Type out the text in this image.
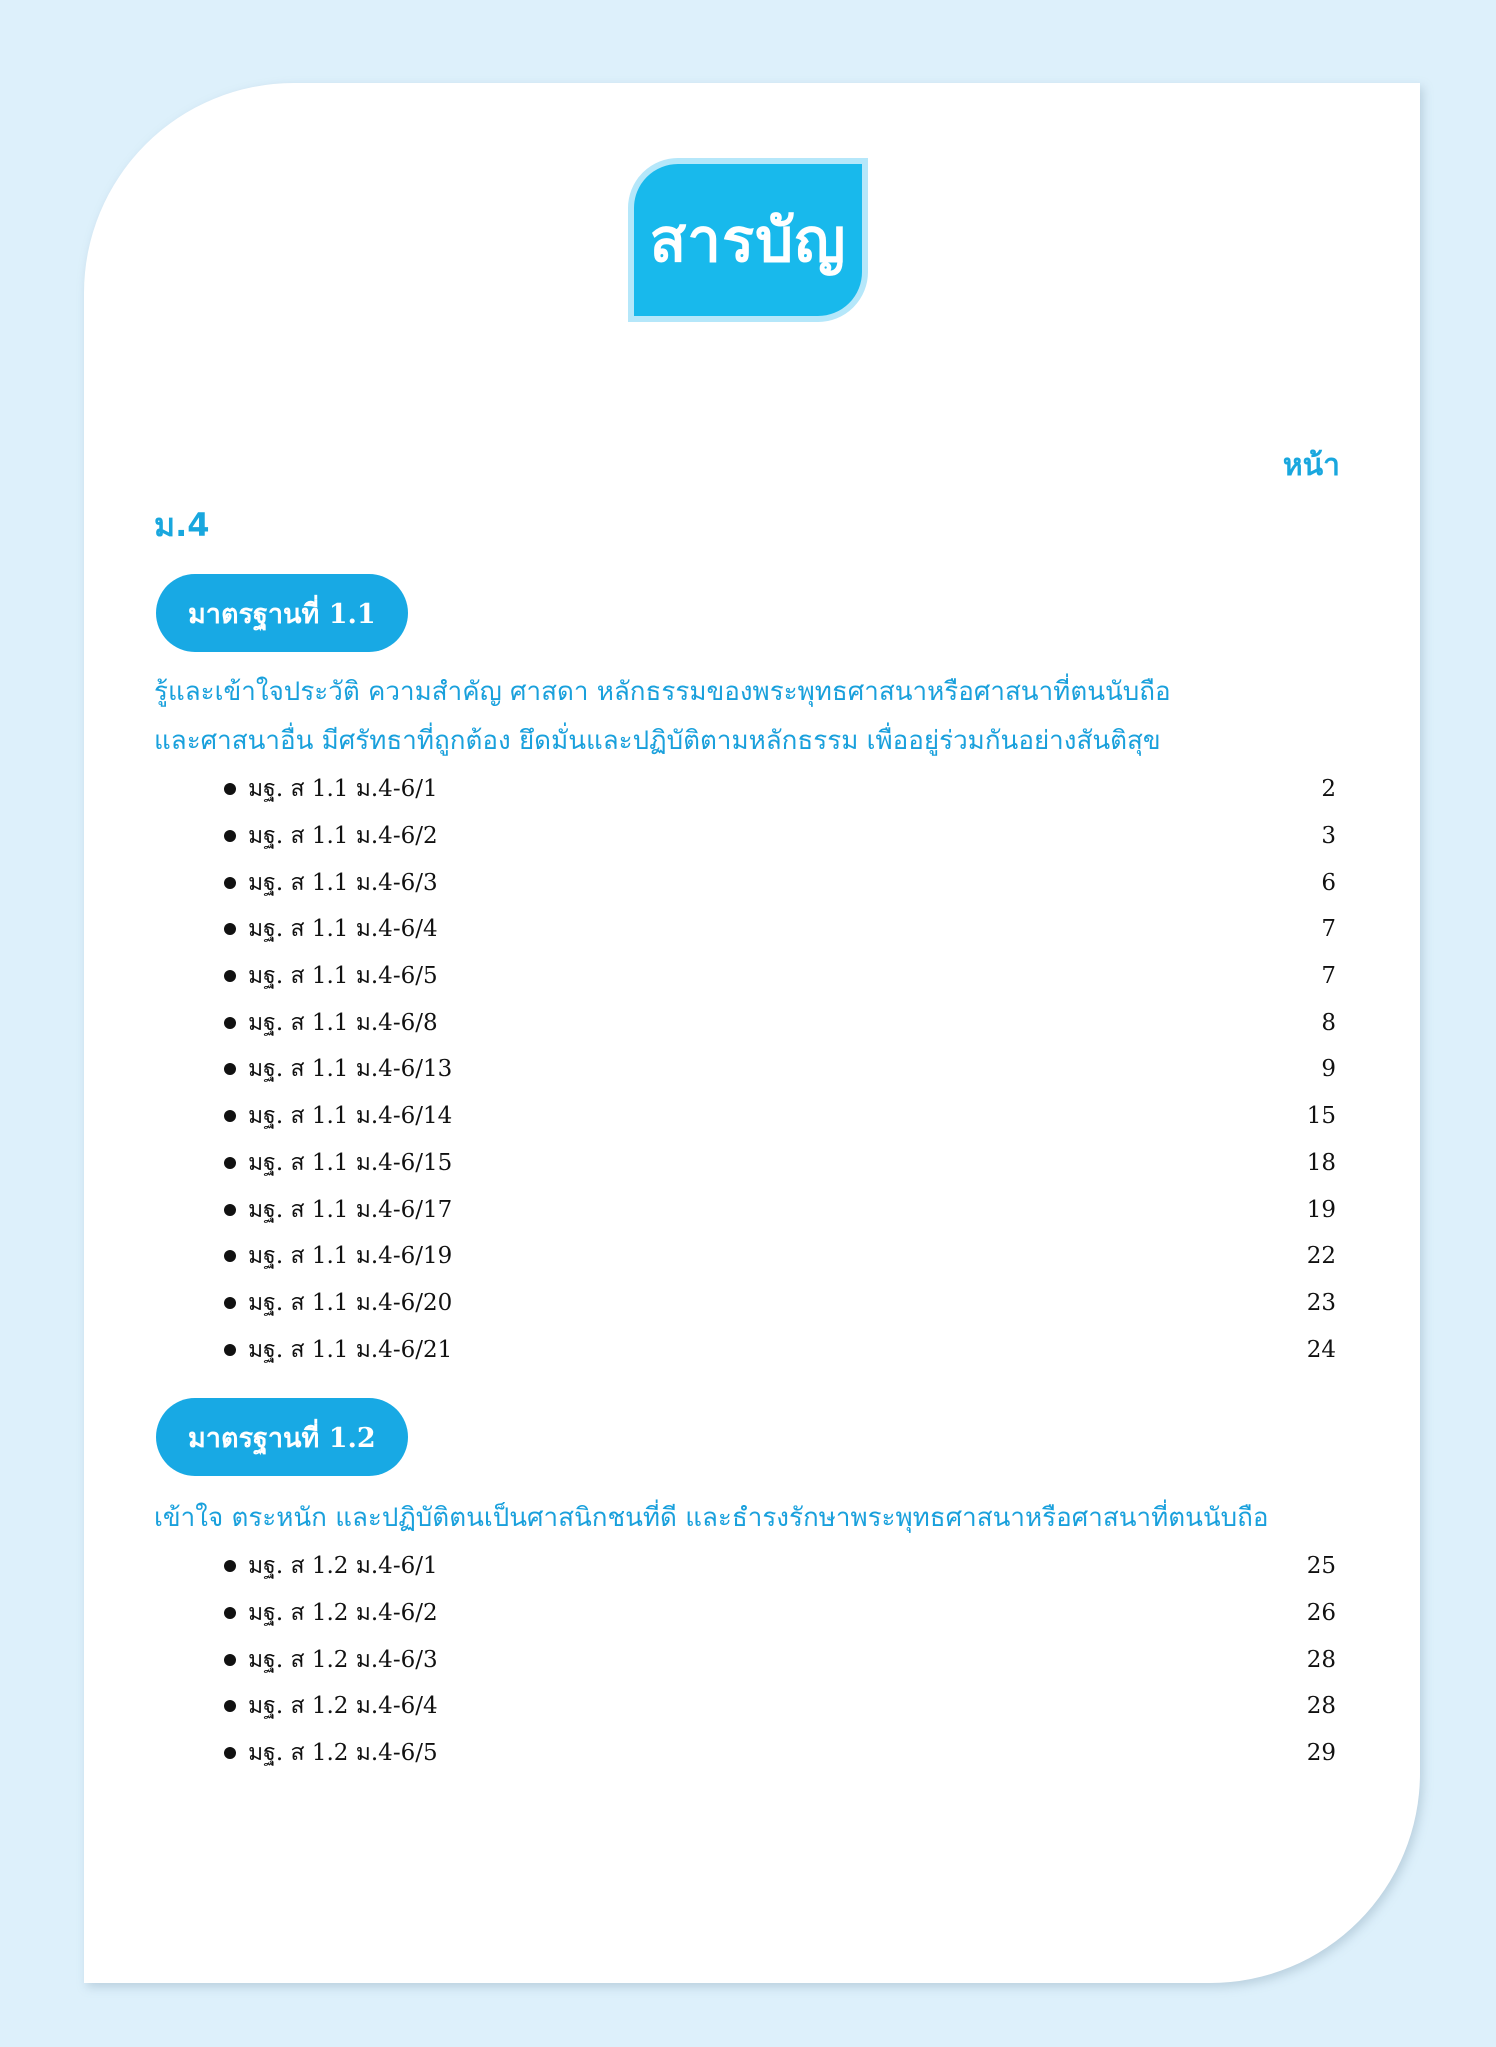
สารบัญ
หน้า
ม.4
มาตรฐานที่ 1.1
รู้และเข้าใจประวัติ ความสำคัญ ศาสดา หลักธรรมของพระพุทธศาสนาหรือศาสนาที่ตนนับถือ
และศาสนาอื่น มีศรัทธาที่ถูกต้อง ยึดมั่นและปฏิบัติตามหลักธรรม เพื่ออยู่ร่วมกันอย่างสันติสุข
มฐ. ส 1.1 ม.4-6/1	2
มฐ. ส 1.1 ม.4-6/2	3
มฐ. ส 1.1 ม.4-6/3	6
มฐ. ส 1.1 ม.4-6/4	7
มฐ. ส 1.1 ม.4-6/5	7
มฐ. ส 1.1 ม.4-6/8	8
มฐ. ส 1.1 ม.4-6/13	9
มฐ. ส 1.1 ม.4-6/14	15
มฐ. ส 1.1 ม.4-6/15	18
มฐ. ส 1.1 ม.4-6/17	19
มฐ. ส 1.1 ม.4-6/19	22
มฐ. ส 1.1 ม.4-6/20	23
มฐ. ส 1.1 ม.4-6/21	24
มาตรฐานที่ 1.2
เข้าใจ ตระหนัก และปฏิบัติตนเป็นศาสนิกชนที่ดี และธำรงรักษาพระพุทธศาสนาหรือศาสนาที่ตนนับถือ
มฐ. ส 1.2 ม.4-6/1	25
มฐ. ส 1.2 ม.4-6/2	26
มฐ. ส 1.2 ม.4-6/3	28
มฐ. ส 1.2 ม.4-6/4	28
มฐ. ส 1.2 ม.4-6/5	29
